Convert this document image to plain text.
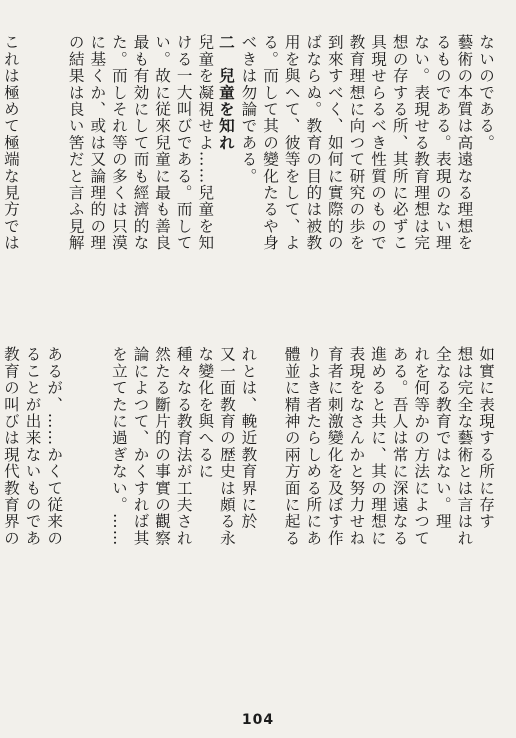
ないのである。
藝術の本質は高遠なる理想を
るものである。表現のない理
ない。表現せる教育理想は完
想の存する所、其所に必ずこ
具現せらるべき性質のもので
教育理想に向つて研究の歩を
到來すべく、如何に實際的の
ばならぬ。教育の目的は被教
用を與へて、彼等をして、よ
る。而して其の變化たるや身
べきは勿論である。
二　兒童を知れ
兒童を凝視せよ……兒童を知
ける一大叫びである。而して
い。故に従來兒童に最も善良
最も有効にして而も經濟的な
た。而しそれ等の多くは只漠
に基くか、或は又論理的の理
の結果は良い筈だと言ふ見解

これは極めて極端な見方では
如實に表現する所に存す
想は完全な藝術とは言はれ
全なる教育ではない。理
れを何等かの方法によつて
ある。吾人は常に深遠なる
進めると共に、其の理想に
表現をなさんかと努力せね
育者に刺激變化を及ぼす作
りよき者たらしめる所にあ
體並に精神の兩方面に起る

れとは、輓近教育界に於
又一面教育の歴史は頗る永
な變化を與へるに
種々なる教育法が工夫され
然たる斷片的の事實の觀察
論によつて、かくすれば其
を立てたに過ぎない。……

あるが、……かくて従来の
ることが出来ないものであ
教育の叫びは現代教育界の
104
